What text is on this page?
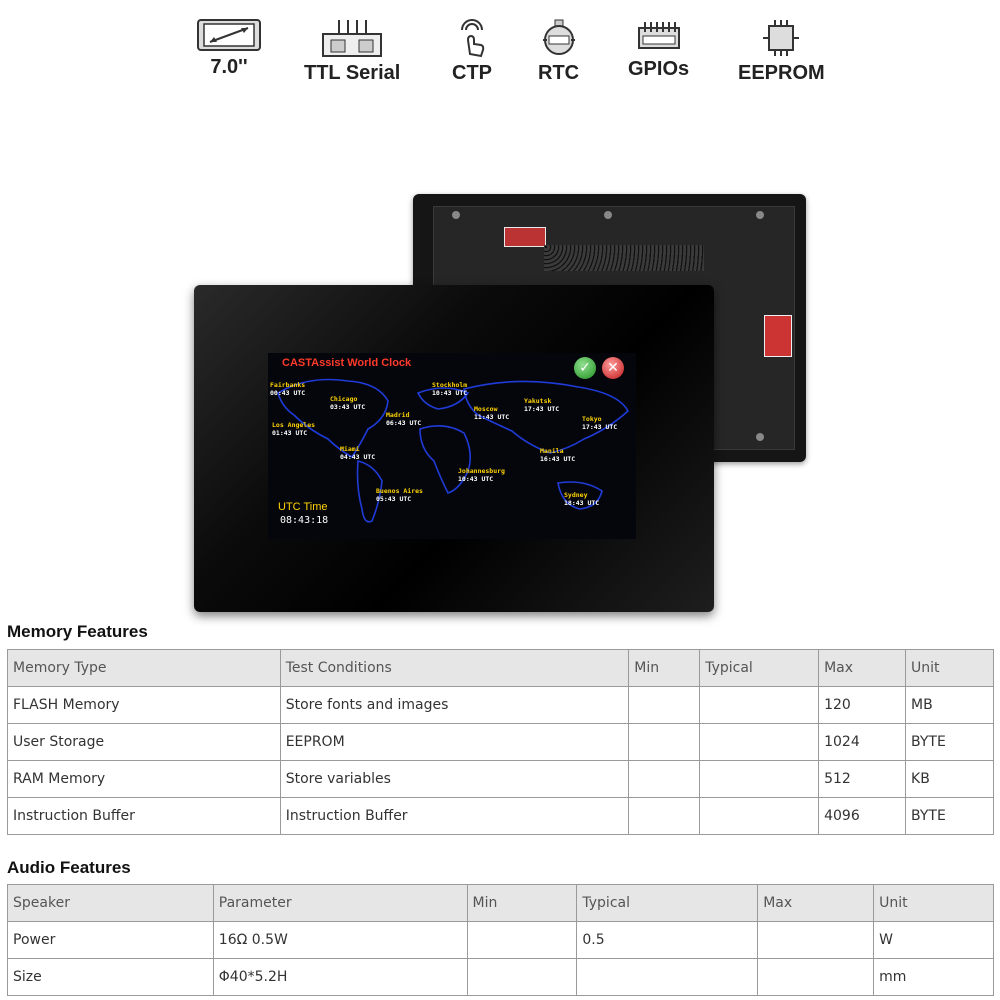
7.0''	TTL Serial	CTP RTC GPIOs EEPROM
CASTAssist World Clock	✓	✕
Fairbanks
00:43 UTC
Chicago
03:43 UTC
Los Angeles
01:43 UTC
Madrid
06:43 UTC
Miami
04:43 UTC
Stockholm
10:43 UTC
Moscow
11:43 UTC
Yakutsk
17:43 UTC
Tokyo
17:43 UTC
Manila
16:43 UTC
Johannesburg
10:43 UTC
Buenos Aires
05:43 UTC	Sydney
18:43 UTC
UTC Time
08:43:18
Memory Features
Memory Type	Test Conditions	Min	Typical	Max	Unit
FLASH Memory	Store fonts and images			120	MB
User Storage	EEPROM			1024	BYTE
RAM Memory	Store variables			512	KB
Instruction Buffer	Instruction Buffer			4096	BYTE
Audio Features
Speaker	Parameter	Min	Typical	Max	Unit
Power	16Ω 0.5W		0.5		W
Size	Φ40*5.2H				mm
